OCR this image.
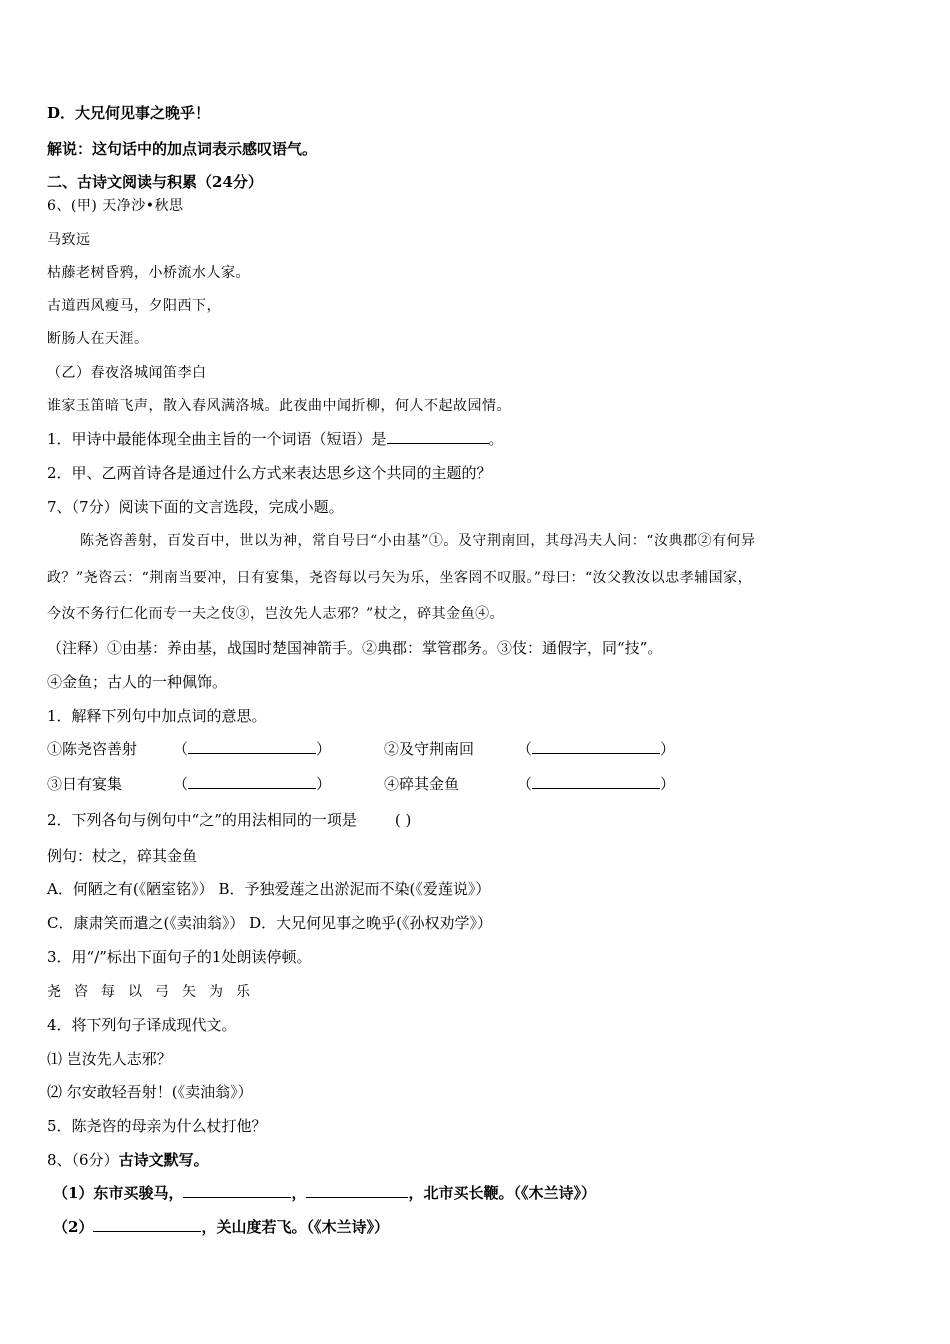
D．大兄何见事之晚乎！
解说：这句话中的加点词表示感叹语气。
二、古诗文阅读与积累（24分）
6、(甲) 天净沙•秋思
马致远
枯藤老树昏鸦，小桥流水人家。
古道西风瘦马，夕阳西下，
断肠人在天涯。
（乙）春夜洛城闻笛李白
谁家玉笛暗飞声，散入春风满洛城。此夜曲中闻折柳，何人不起故园情。
1．甲诗中最能体现全曲主旨的一个词语（短语）是	。
2．甲、乙两首诗各是通过什么方式来表达思乡这个共同的主题的？
7、（7分）阅读下面的文言选段，完成小题。
陈尧咨善射，百发百中，世以为神，常自号曰“小由基”①。及守荆南回，其母冯夫人问：“汝典郡②有何异
政？”尧咨云：“荆南当要冲，日有宴集，尧咨每以弓矢为乐，坐客罔不叹服。”母曰：“汝父教汝以忠孝辅国家，
今汝不务行仁化而专一夫之伎③，岂汝先人志邪？”杖之，碎其金鱼④。
（注释）①由基：养由基，战国时楚国神箭手。②典郡：掌管郡务。③伎：通假字，同“技”。
④金鱼；古人的一种佩饰。
1．解释下列句中加点词的意思。
①陈尧咨善射 （	）	②及守荆南回	（	）
③日有宴集	（	）	④碎其金鱼	（	）
2．下列各句与例句中“之”的用法相同的一项是	( )
例句：杖之，碎其金鱼
A．何陋之有(《陋室铭》） B．予独爱莲之出淤泥而不染(《爱莲说》）
C．康肃笑而遣之(《卖油翁》） D．大兄何见事之晚乎(《孙权劝学》）
3．用“/”标出下面句子的1处朗读停顿。
尧咨每以弓矢为乐
4．将下列句子译成现代文。
⑴ 岂汝先人志邪？
⑵ 尔安敢轻吾射！(《卖油翁》）
5．陈尧咨的母亲为什么杖打他？
8、（6分）古诗文默写。
（1）东市买骏马，	，	，北市买长鞭。（《木兰诗》）
（2）	，关山度若飞。（《木兰诗》）
